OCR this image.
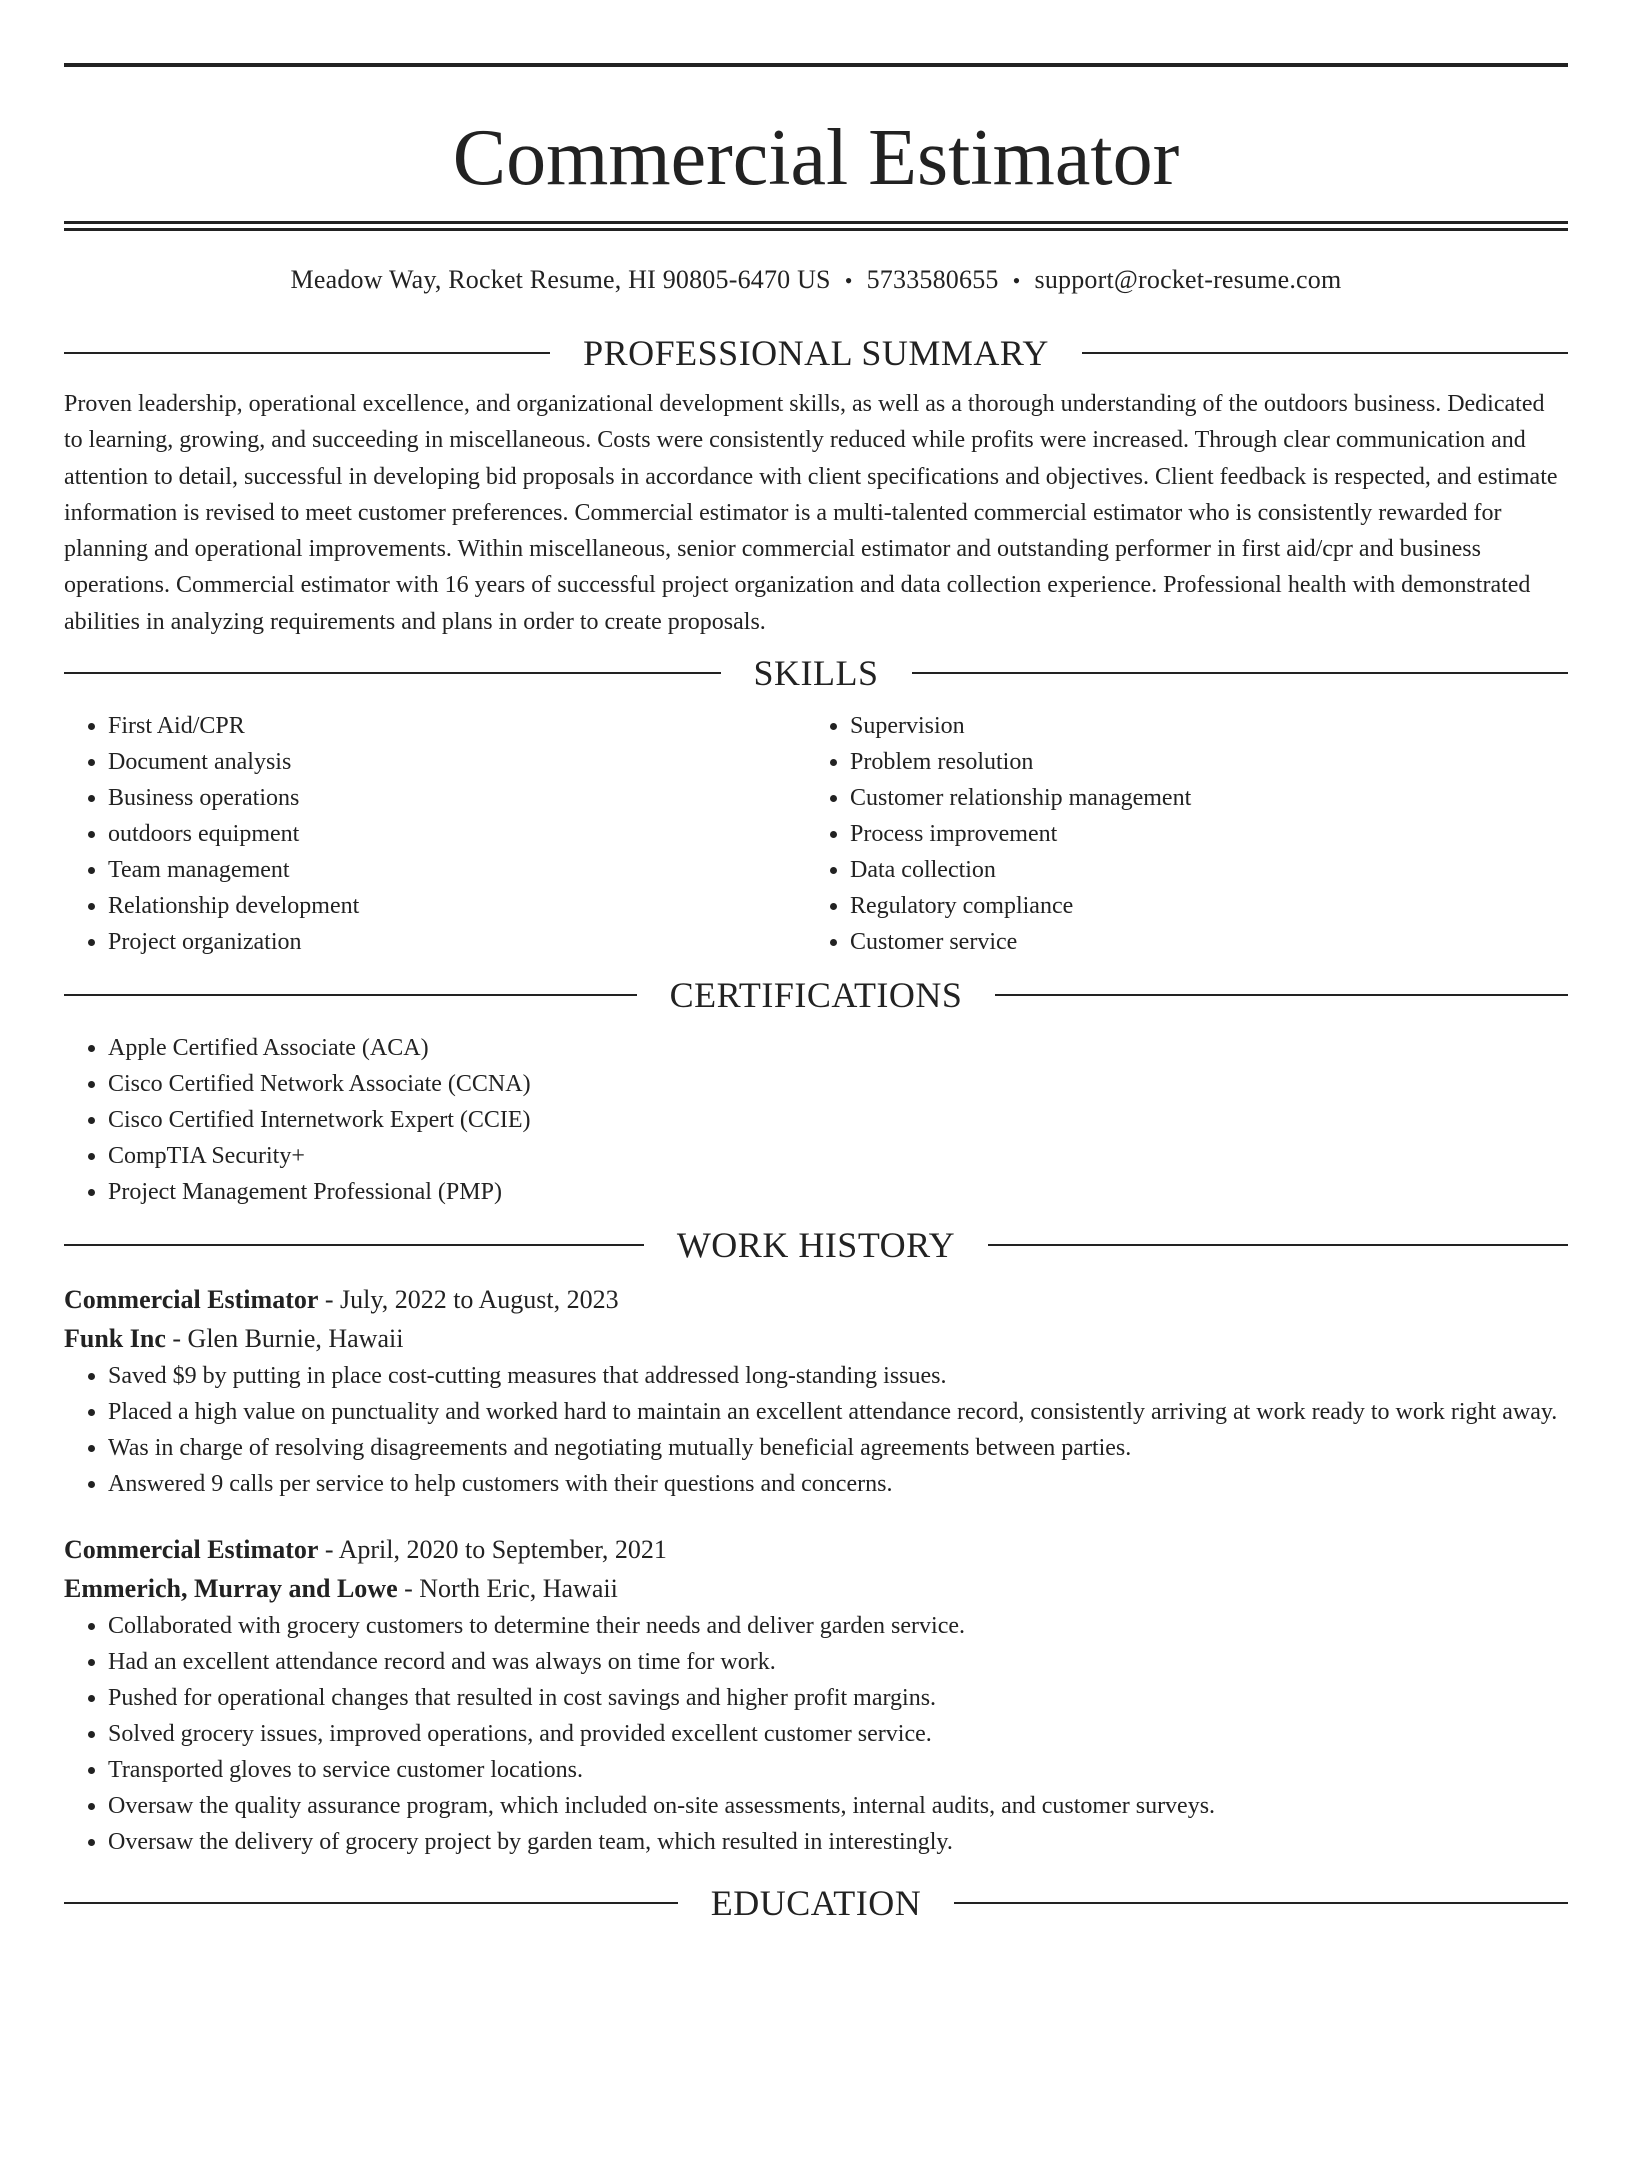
Commercial Estimator
Meadow Way, Rocket Resume, HI 90805-6470 US • 5733580655 • support@rocket-resume.com
PROFESSIONAL SUMMARY

Proven leadership, operational excellence, and organizational development skills, as well as a thorough understanding of the outdoors business. Dedicated to learning, growing, and succeeding in miscellaneous. Costs were consistently reduced while profits were increased. Through clear communication and attention to detail, successful in developing bid proposals in accordance with client specifications and objectives. Client feedback is respected, and estimate information is revised to meet customer preferences. Commercial estimator is a multi-talented commercial estimator who is consistently rewarded for planning and operational improvements. Within miscellaneous, senior commercial estimator and outstanding performer in first aid/cpr and business operations. Commercial estimator with 16 years of successful project organization and data collection experience. Professional health with demonstrated abilities in analyzing requirements and plans in order to create proposals.

SKILLS
• First Aid/CPR
• Document analysis
• Business operations
• outdoors equipment
• Team management
• Relationship development
• Project organization
• Supervision
• Problem resolution
• Customer relationship management
• Process improvement
• Data collection
• Regulatory compliance
• Customer service
CERTIFICATIONS
• Apple Certified Associate (ACA)
• Cisco Certified Network Associate (CCNA)
• Cisco Certified Internetwork Expert (CCIE)
• CompTIA Security+
• Project Management Professional (PMP)
WORK HISTORY
Commercial Estimator - July, 2022 to August, 2023
Funk Inc - Glen Burnie, Hawaii
• Saved $9 by putting in place cost-cutting measures that addressed long-standing issues.
• Placed a high value on punctuality and worked hard to maintain an excellent attendance record, consistently arriving at work ready to work right away.
• Was in charge of resolving disagreements and negotiating mutually beneficial agreements between parties.
• Answered 9 calls per service to help customers with their questions and concerns.
Commercial Estimator - April, 2020 to September, 2021
Emmerich, Murray and Lowe - North Eric, Hawaii
• Collaborated with grocery customers to determine their needs and deliver garden service.
• Had an excellent attendance record and was always on time for work.
• Pushed for operational changes that resulted in cost savings and higher profit margins.
• Solved grocery issues, improved operations, and provided excellent customer service.
• Transported gloves to service customer locations.
• Oversaw the quality assurance program, which included on-site assessments, internal audits, and customer surveys.
• Oversaw the delivery of grocery project by garden team, which resulted in interestingly.
EDUCATION
